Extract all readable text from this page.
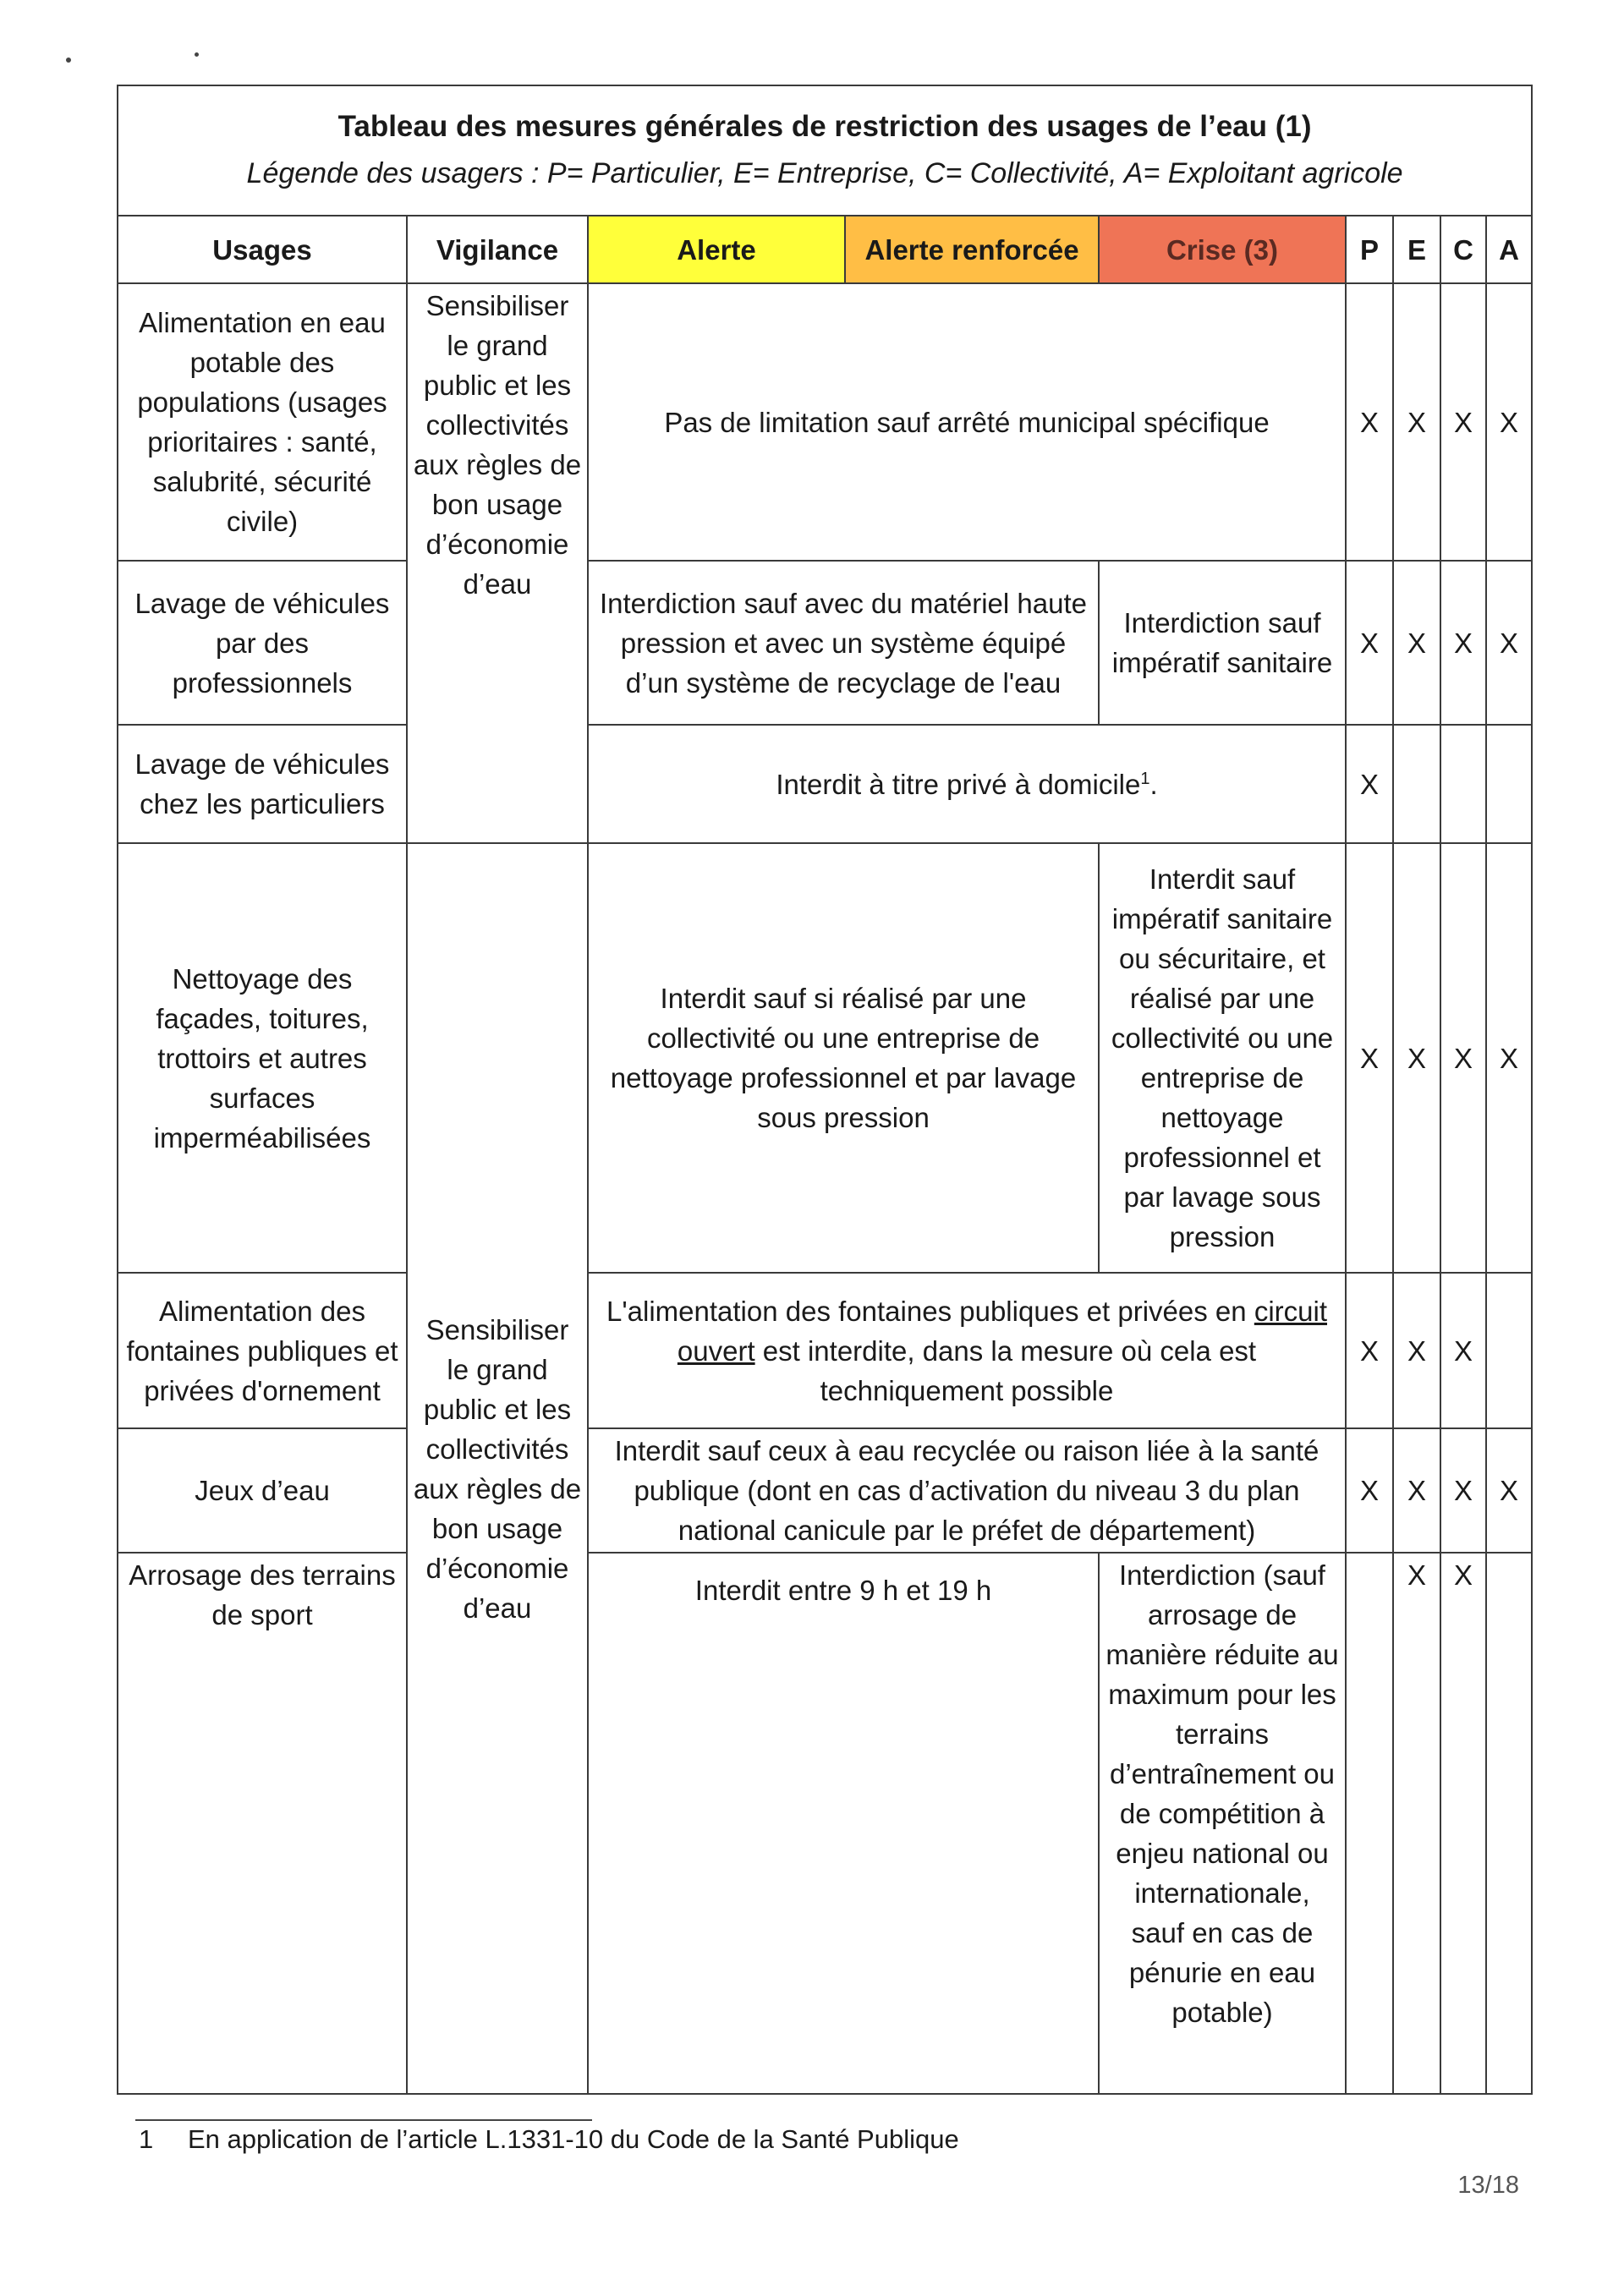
Tableau des mesures générales de restriction des usages de l’eau (1)
Légende des usagers : P= Particulier, E= Entreprise, C= Collectivité, A= Exploitant agricole								

Usages	Vigilance	Alerte	Alerte renforcée	Crise (3)	P	E	C	A
Alimentation en eau potable des populations (usages prioritaires : santé, salubrité, sécurité civile)	Sensibiliser le grand public et les collectivités aux règles de bon usage d’économie d’eau	Pas de limitation sauf arrêté municipal spécifique			X	X	X	X
Lavage de véhicules par des professionnels		Interdiction sauf avec du matériel haute pression et avec un système équipé d’un système de recyclage de l'eau		Interdiction sauf impératif sanitaire	X	X	X	X
Lavage de véhicules chez les particuliers		Interdit à titre privé à domicile$^1$.			X			
Nettoyage des façades, toitures, trottoirs et autres surfaces imperméabilisées	Sensibiliser le grand public et les collectivités aux règles de bon usage d’économie d’eau	Interdit sauf si réalisé par une collectivité ou une entreprise de nettoyage professionnel et par lavage sous pression		Interdit sauf impératif sanitaire ou sécuritaire, et réalisé par une collectivité ou une entreprise de nettoyage professionnel et par lavage sous pression	X	X	X	X
Alimentation des fontaines publiques et privées d'ornement		L'alimentation des fontaines publiques et privées en circuit ouvert est interdite, dans la mesure où cela est techniquement possible			X	X	X	
Jeux d’eau		Interdit sauf ceux à eau recyclée ou raison liée à la santé publique (dont en cas d’activation du niveau 3 du plan national canicule par le préfet de département)			X	X	X	X
Arrosage des terrains de sport		Interdit entre 9 h et 19 h		Interdiction (sauf arrosage de manière réduite au maximum pour les terrains d’entraînement ou de compétition à enjeu national ou internationale, sauf en cas de pénurie en eau potable)		X	X	
1 En application de l’article L.1331-10 du Code de la Santé Publique
13/18
